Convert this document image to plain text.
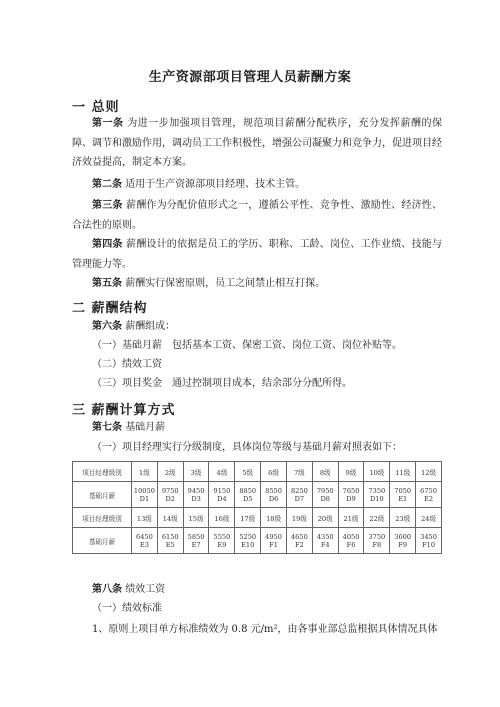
生产资源部项目管理人员薪酬方案
一 总则
第一条 为进一步加强项目管理，规范项目薪酬分配秩序，充分发挥薪酬的保障、调节和激励作用，调动员工工作积极性，增强公司凝聚力和竞争力，促进项目经济效益提高，制定本方案。
第二条 适用于生产资源部项目经理、技术主管。
第三条 薪酬作为分配价值形式之一，遵循公平性、竞争性、激励性、经济性、合法性的原则。
第四条 薪酬设计的依据是员工的学历、职称、工龄、岗位、工作业绩、技能与管理能力等。
第五条 薪酬实行保密原则，员工之间禁止相互打探。
二 薪酬结构
第六条 薪酬组成：
（一）基础月薪　包括基本工资、保密工资、岗位工资、岗位补贴等。
（二）绩效工资
（三）项目奖金　通过控制项目成本，结余部分分配所得。
三 薪酬计算方式
第七条 基础月薪
项目经理级别	1级	2级	3级	4级	5级	6级	7级	8级	9级	10级	11级	12级
基础月薪	10050	9750	9450	9150	8850	8550	8250	7950	7650	7350	7050	6750
	D1	D2	D3	D4	D5	D6	D7	D8	D9	D10	E1	E2
项目经理级别	13级	14级	15级	16级	17级	18级	19级	20级	21级	22级	23级	24级
基础月薪	6450	6150	5850	5550	5250	4950	4650	4350	4050	3750	3600	3450
	E3	E5	E7	E9	E10	F1	F2	F4	F6	F8	F9	F10
（一）项目经理实行分级制度，具体岗位等级与基础月薪对照表如下：
第八条 绩效工资
（一）绩效标准
1、原则上项目单方标准绩效为 0.8 元/m²，由各事业部总监根据具体情况具体
